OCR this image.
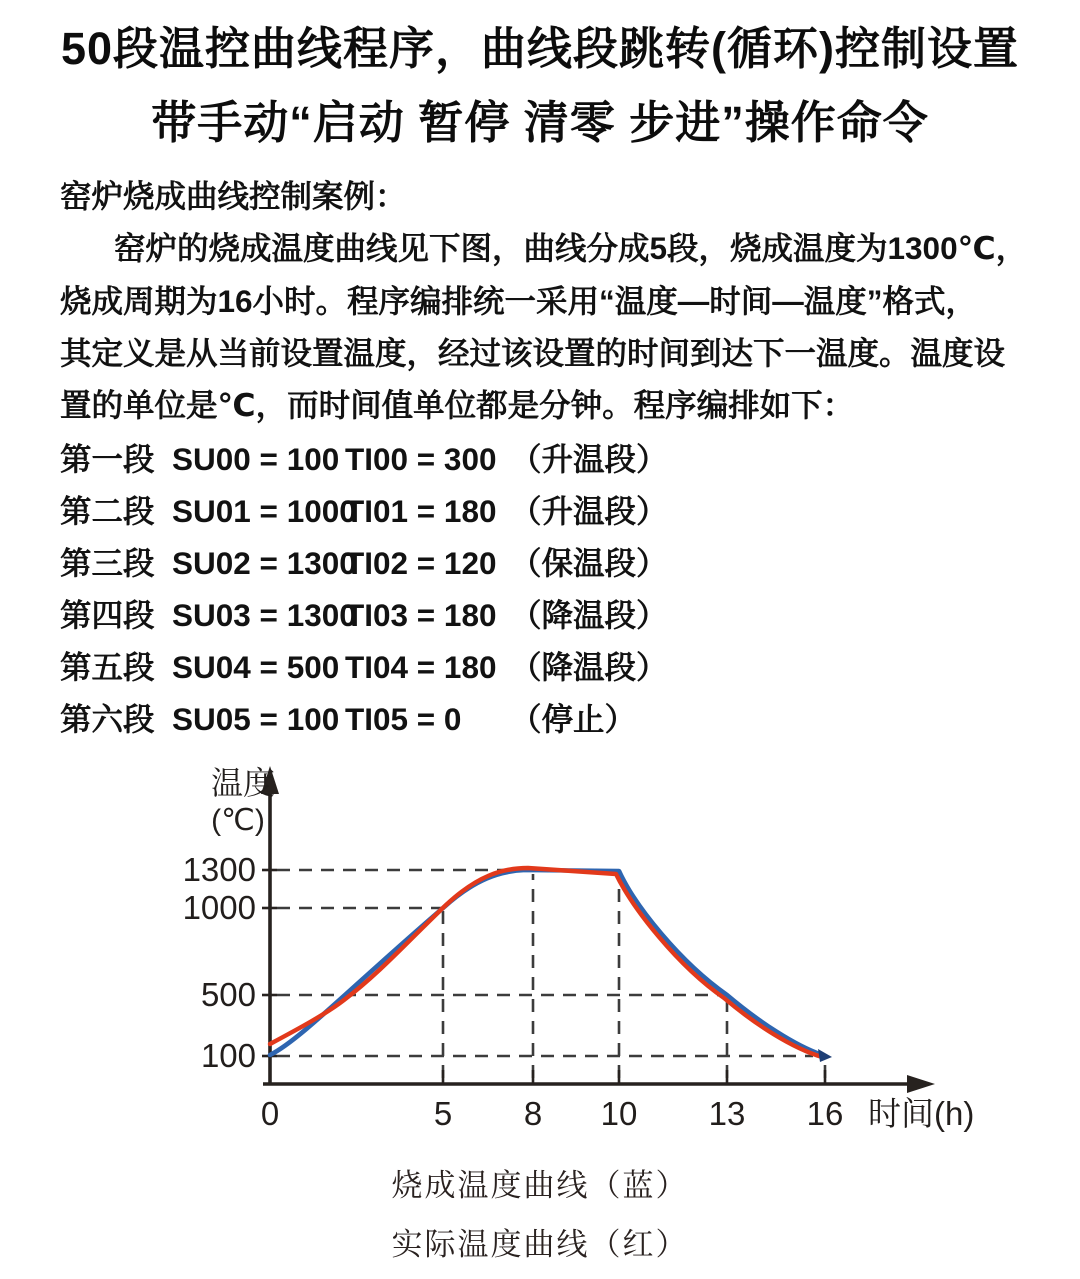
50段温控曲线程序，曲线段跳转(循环)控制设置
带手动“启动 暂停 清零 步进”操作命令
窑炉烧成曲线控制案例：
窑炉的烧成温度曲线见下图，曲线分成5段，烧成温度为1300℃，
烧成周期为16小时。程序编排统一采用“温度—时间—温度”格式，
其定义是从当前设置温度，经过该设置的时间到达下一温度。温度设
置的单位是℃，而时间值单位都是分钟。程序编排如下：
第一段 SU00 = 100 TI00 = 300 （升温段）
第二段 SU01 = 1000
TI01 = 180 （升温段）
第三段 SU02 = 1300
TI02 = 120 （保温段）
第四段 SU03 = 1300
TI03 = 180 （降温段）
第五段 SU04 = 500 TI04 = 180 （降温段）
第六段 SU05 = 100 TI05 = 0	（停止）
温度
(℃)
1300
1000
500
100
0	5 8 10 13 16 时间(h)
烧成温度曲线（蓝）
实际温度曲线（红）
